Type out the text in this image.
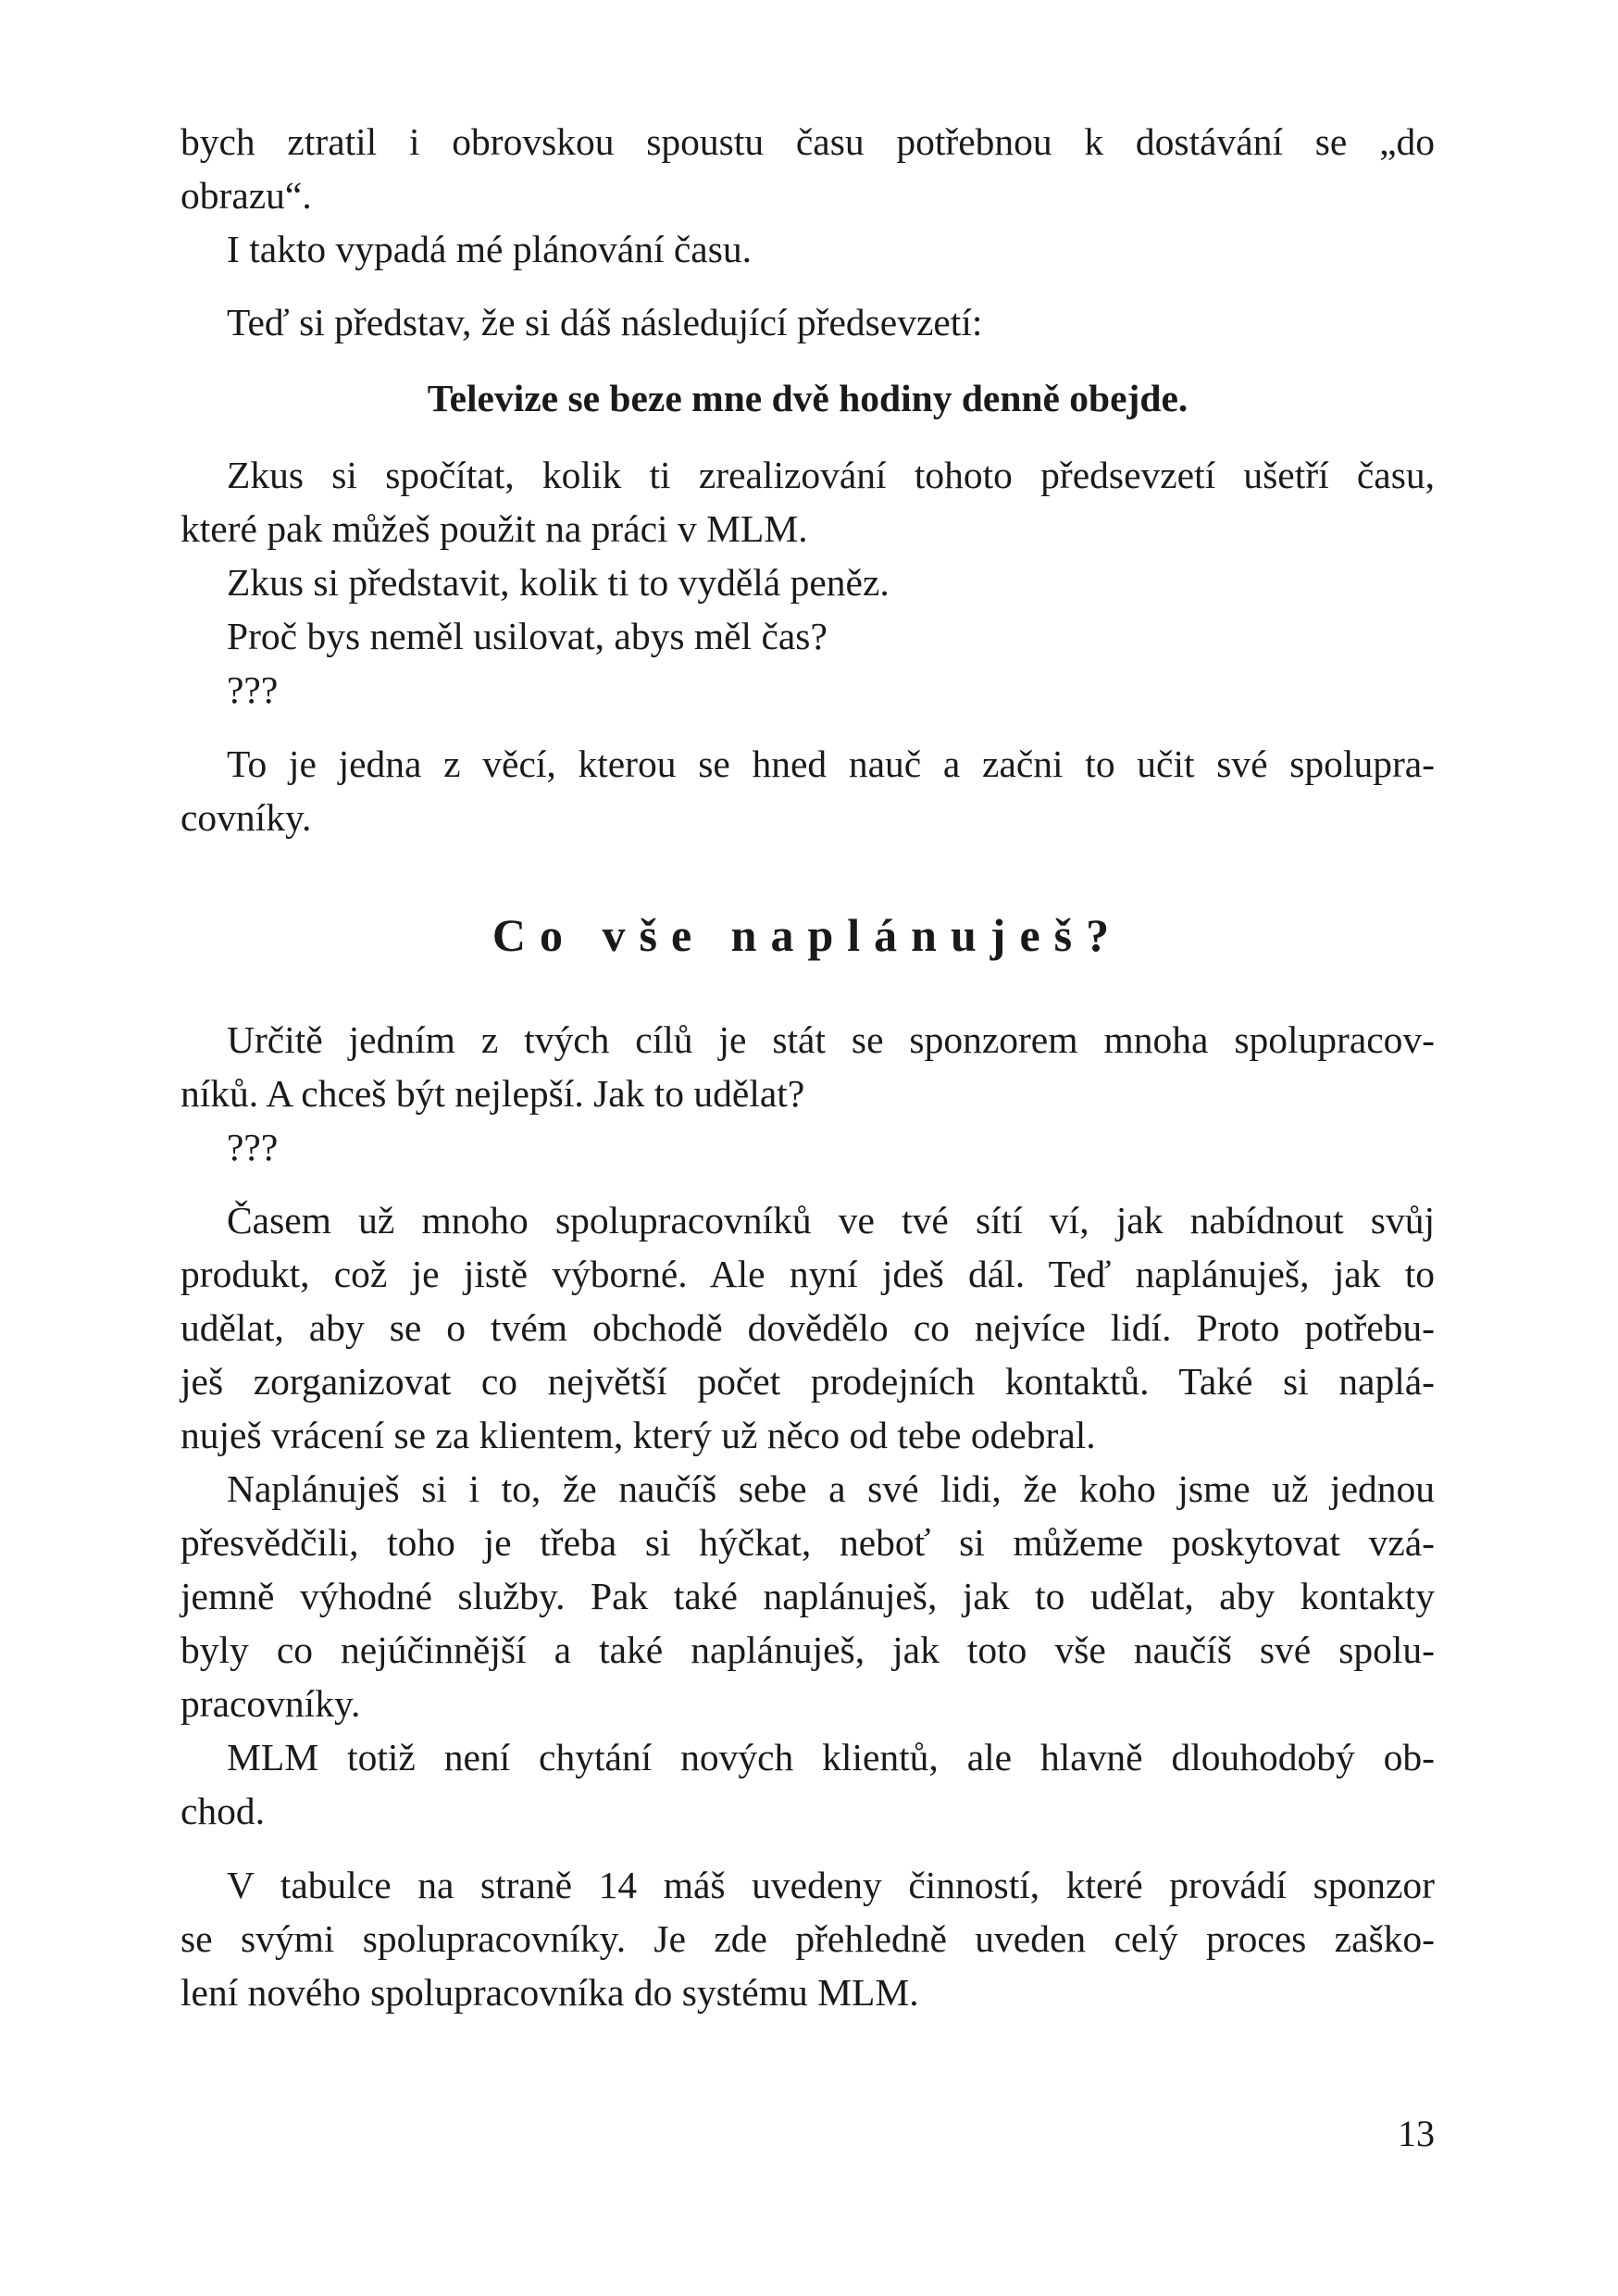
bych ztratil i obrovskou spoustu času potřebnou k dostávání se „do
obrazu“.
I takto vypadá mé plánování času.
Teď si představ, že si dáš následující předsevzetí:
Televize se beze mne dvě hodiny denně obejde.
Zkus si spočítat, kolik ti zrealizování tohoto předsevzetí ušetří času,
které pak můžeš použit na práci v MLM.
Zkus si představit, kolik ti to vydělá peněz.
Proč bys neměl usilovat, abys měl čas?
???
To je jedna z věcí, kterou se hned nauč a začni to učit své spolupra-
covníky.
Co vše naplánuješ?
Určitě jedním z tvých cílů je stát se sponzorem mnoha spolupracov-
níků. A chceš být nejlepší. Jak to udělat?
???
Časem už mnoho spolupracovníků ve tvé sítí ví, jak nabídnout svůj
produkt, což je jistě výborné. Ale nyní jdeš dál. Teď naplánuješ, jak to
udělat, aby se o tvém obchodě dovědělo co nejvíce lidí. Proto potřebu-
ješ zorganizovat co největší počet prodejních kontaktů. Také si naplá-
nuješ vrácení se za klientem, který už něco od tebe odebral.
Naplánuješ si i to, že naučíš sebe a své lidi, že koho jsme už jednou
přesvědčili, toho je třeba si hýčkat, neboť si můžeme poskytovat vzá-
jemně výhodné služby. Pak také naplánuješ, jak to udělat, aby kontakty
byly co nejúčinnější a také naplánuješ, jak toto vše naučíš své spolu-
pracovníky.
MLM totiž není chytání nových klientů, ale hlavně dlouhodobý ob-
chod.
V tabulce na straně 14 máš uvedeny činností, které provádí sponzor
se svými spolupracovníky. Je zde přehledně uveden celý proces zaško-
lení nového spolupracovníka do systému MLM.
13
